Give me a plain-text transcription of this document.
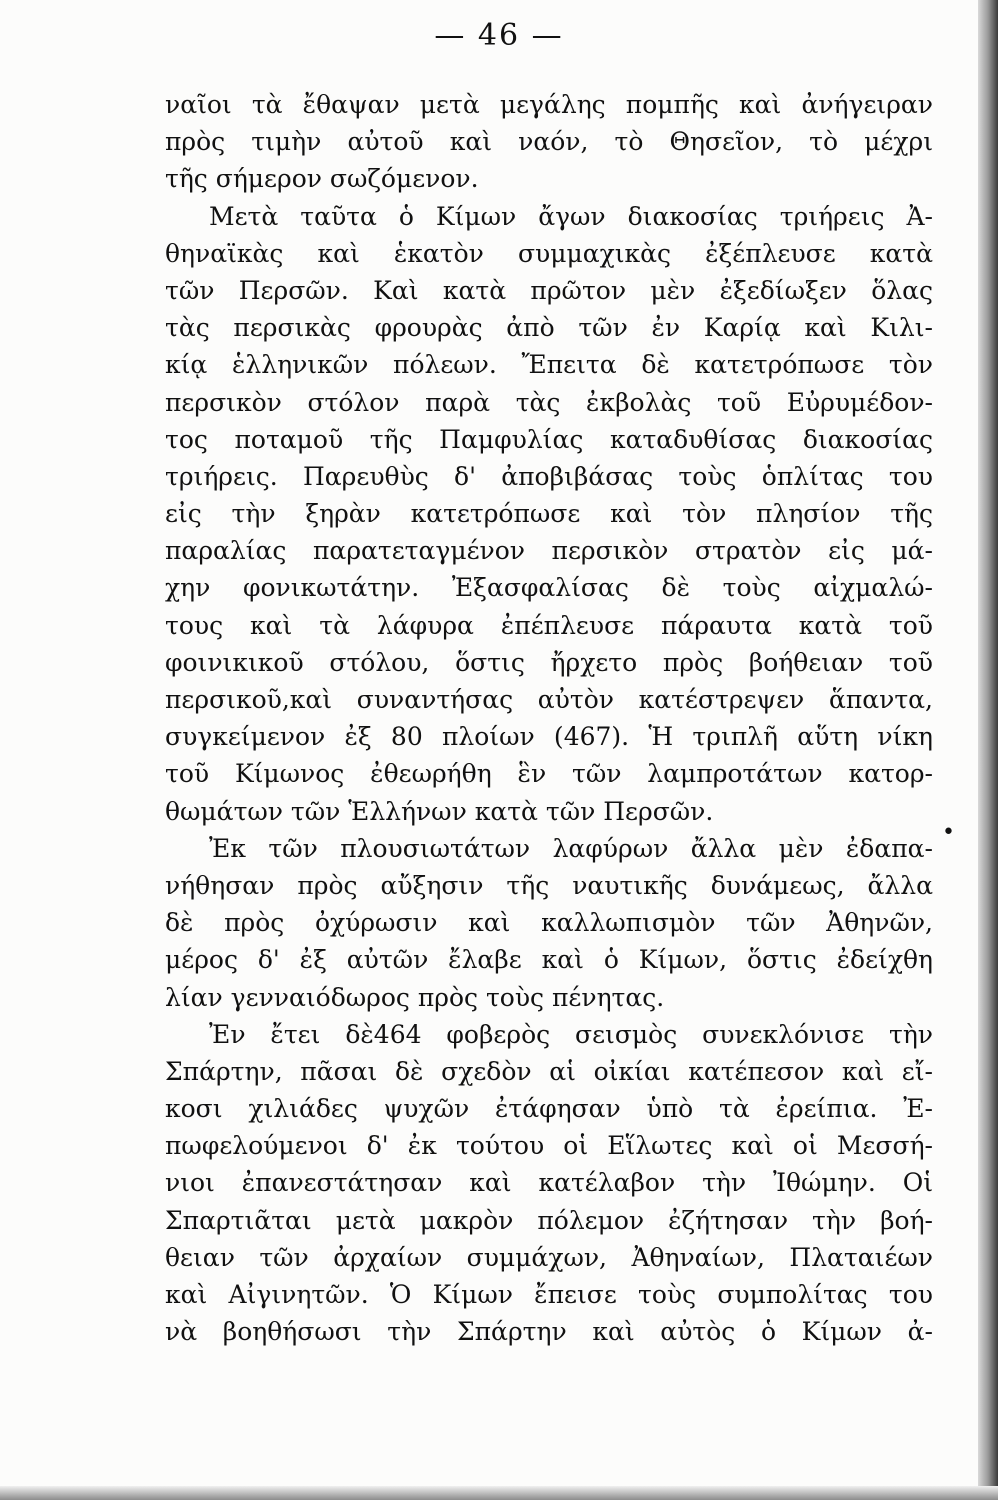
— 46 —
ναῖοι τὰ ἔθαψαν μετὰ μεγάλης πομπῆς καὶ ἀνήγειραν
πρὸς τιμὴν αὐτοῦ καὶ ναόν, τὸ Θησεῖον, τὸ μέχρι
τῆς σήμερον σωζόμενον.
Μετὰ ταῦτα ὁ Κίμων ἄγων διακοσίας τριήρεις Ἀ-
θηναϊκὰς καὶ ἑκατὸν συμμαχικὰς ἐξέπλευσε κατὰ
τῶν Περσῶν. Καὶ κατὰ πρῶτον μὲν ἐξεδίωξεν ὅλας
τὰς περσικὰς φρουρὰς ἀπὸ τῶν ἐν Καρίᾳ καὶ Κιλι-
κίᾳ ἑλληνικῶν πόλεων. Ἔπειτα δὲ κατετρόπωσε τὸν
περσικὸν στόλον παρὰ τὰς ἐκβολὰς τοῦ Εὐρυμέδον-
τος ποταμοῦ τῆς Παμφυλίας καταδυθίσας διακοσίας
τριήρεις. Παρευθὺς δ' ἀποβιβάσας τοὺς ὁπλίτας του
εἰς τὴν ξηρὰν κατετρόπωσε καὶ τὸν πλησίον τῆς
παραλίας παρατεταγμένον περσικὸν στρατὸν εἰς μά-
χην φονικωτάτην. Ἐξασφαλίσας δὲ τοὺς αἰχμαλώ-
τους καὶ τὰ λάφυρα ἐπέπλευσε πάραυτα κατὰ τοῦ
φοινικικοῦ στόλου, ὅστις ἤρχετο πρὸς βοήθειαν τοῦ
περσικοῦ,καὶ συναντήσας αὐτὸν κατέστρεψεν ἅπαντα,
συγκείμενον ἐξ 80 πλοίων (467). Ἡ τριπλῆ αὕτη νίκη
τοῦ Κίμωνος ἐθεωρήθη ἓν τῶν λαμπροτάτων κατορ-
θωμάτων τῶν Ἑλλήνων κατὰ τῶν Περσῶν.
Ἐκ τῶν πλουσιωτάτων λαφύρων ἄλλα μὲν ἐδαπα-
νήθησαν πρὸς αὔξησιν τῆς ναυτικῆς δυνάμεως, ἄλλα
δὲ πρὸς ὀχύρωσιν καὶ καλλωπισμὸν τῶν Ἀθηνῶν,
μέρος δ' ἐξ αὐτῶν ἔλαβε καὶ ὁ Κίμων, ὅστις ἐδείχθη
λίαν γενναιόδωρος πρὸς τοὺς πένητας.
Ἐν ἔτει δὲ464 φοβερὸς σεισμὸς συνεκλόνισε τὴν
Σπάρτην, πᾶσαι δὲ σχεδὸν αἱ οἰκίαι κατέπεσον καὶ εἴ-
κοσι χιλιάδες ψυχῶν ἐτάφησαν ὑπὸ τὰ ἐρείπια. Ἐ-
πωφελούμενοι δ' ἐκ τούτου οἱ Εἵλωτες καὶ οἱ Μεσσή-
νιοι ἐπανεστάτησαν καὶ κατέλαβον τὴν Ἰθώμην. Οἱ
Σπαρτιᾶται μετὰ μακρὸν πόλεμον ἐζήτησαν τὴν βοή-
θειαν τῶν ἀρχαίων συμμάχων, Ἀθηναίων, Πλαταιέων
καὶ Αἰγινητῶν. Ὁ Κίμων ἔπεισε τοὺς συμπολίτας του
νὰ βοηθήσωσι τὴν Σπάρτην καὶ αὐτὸς ὁ Κίμων ἀ-
•
